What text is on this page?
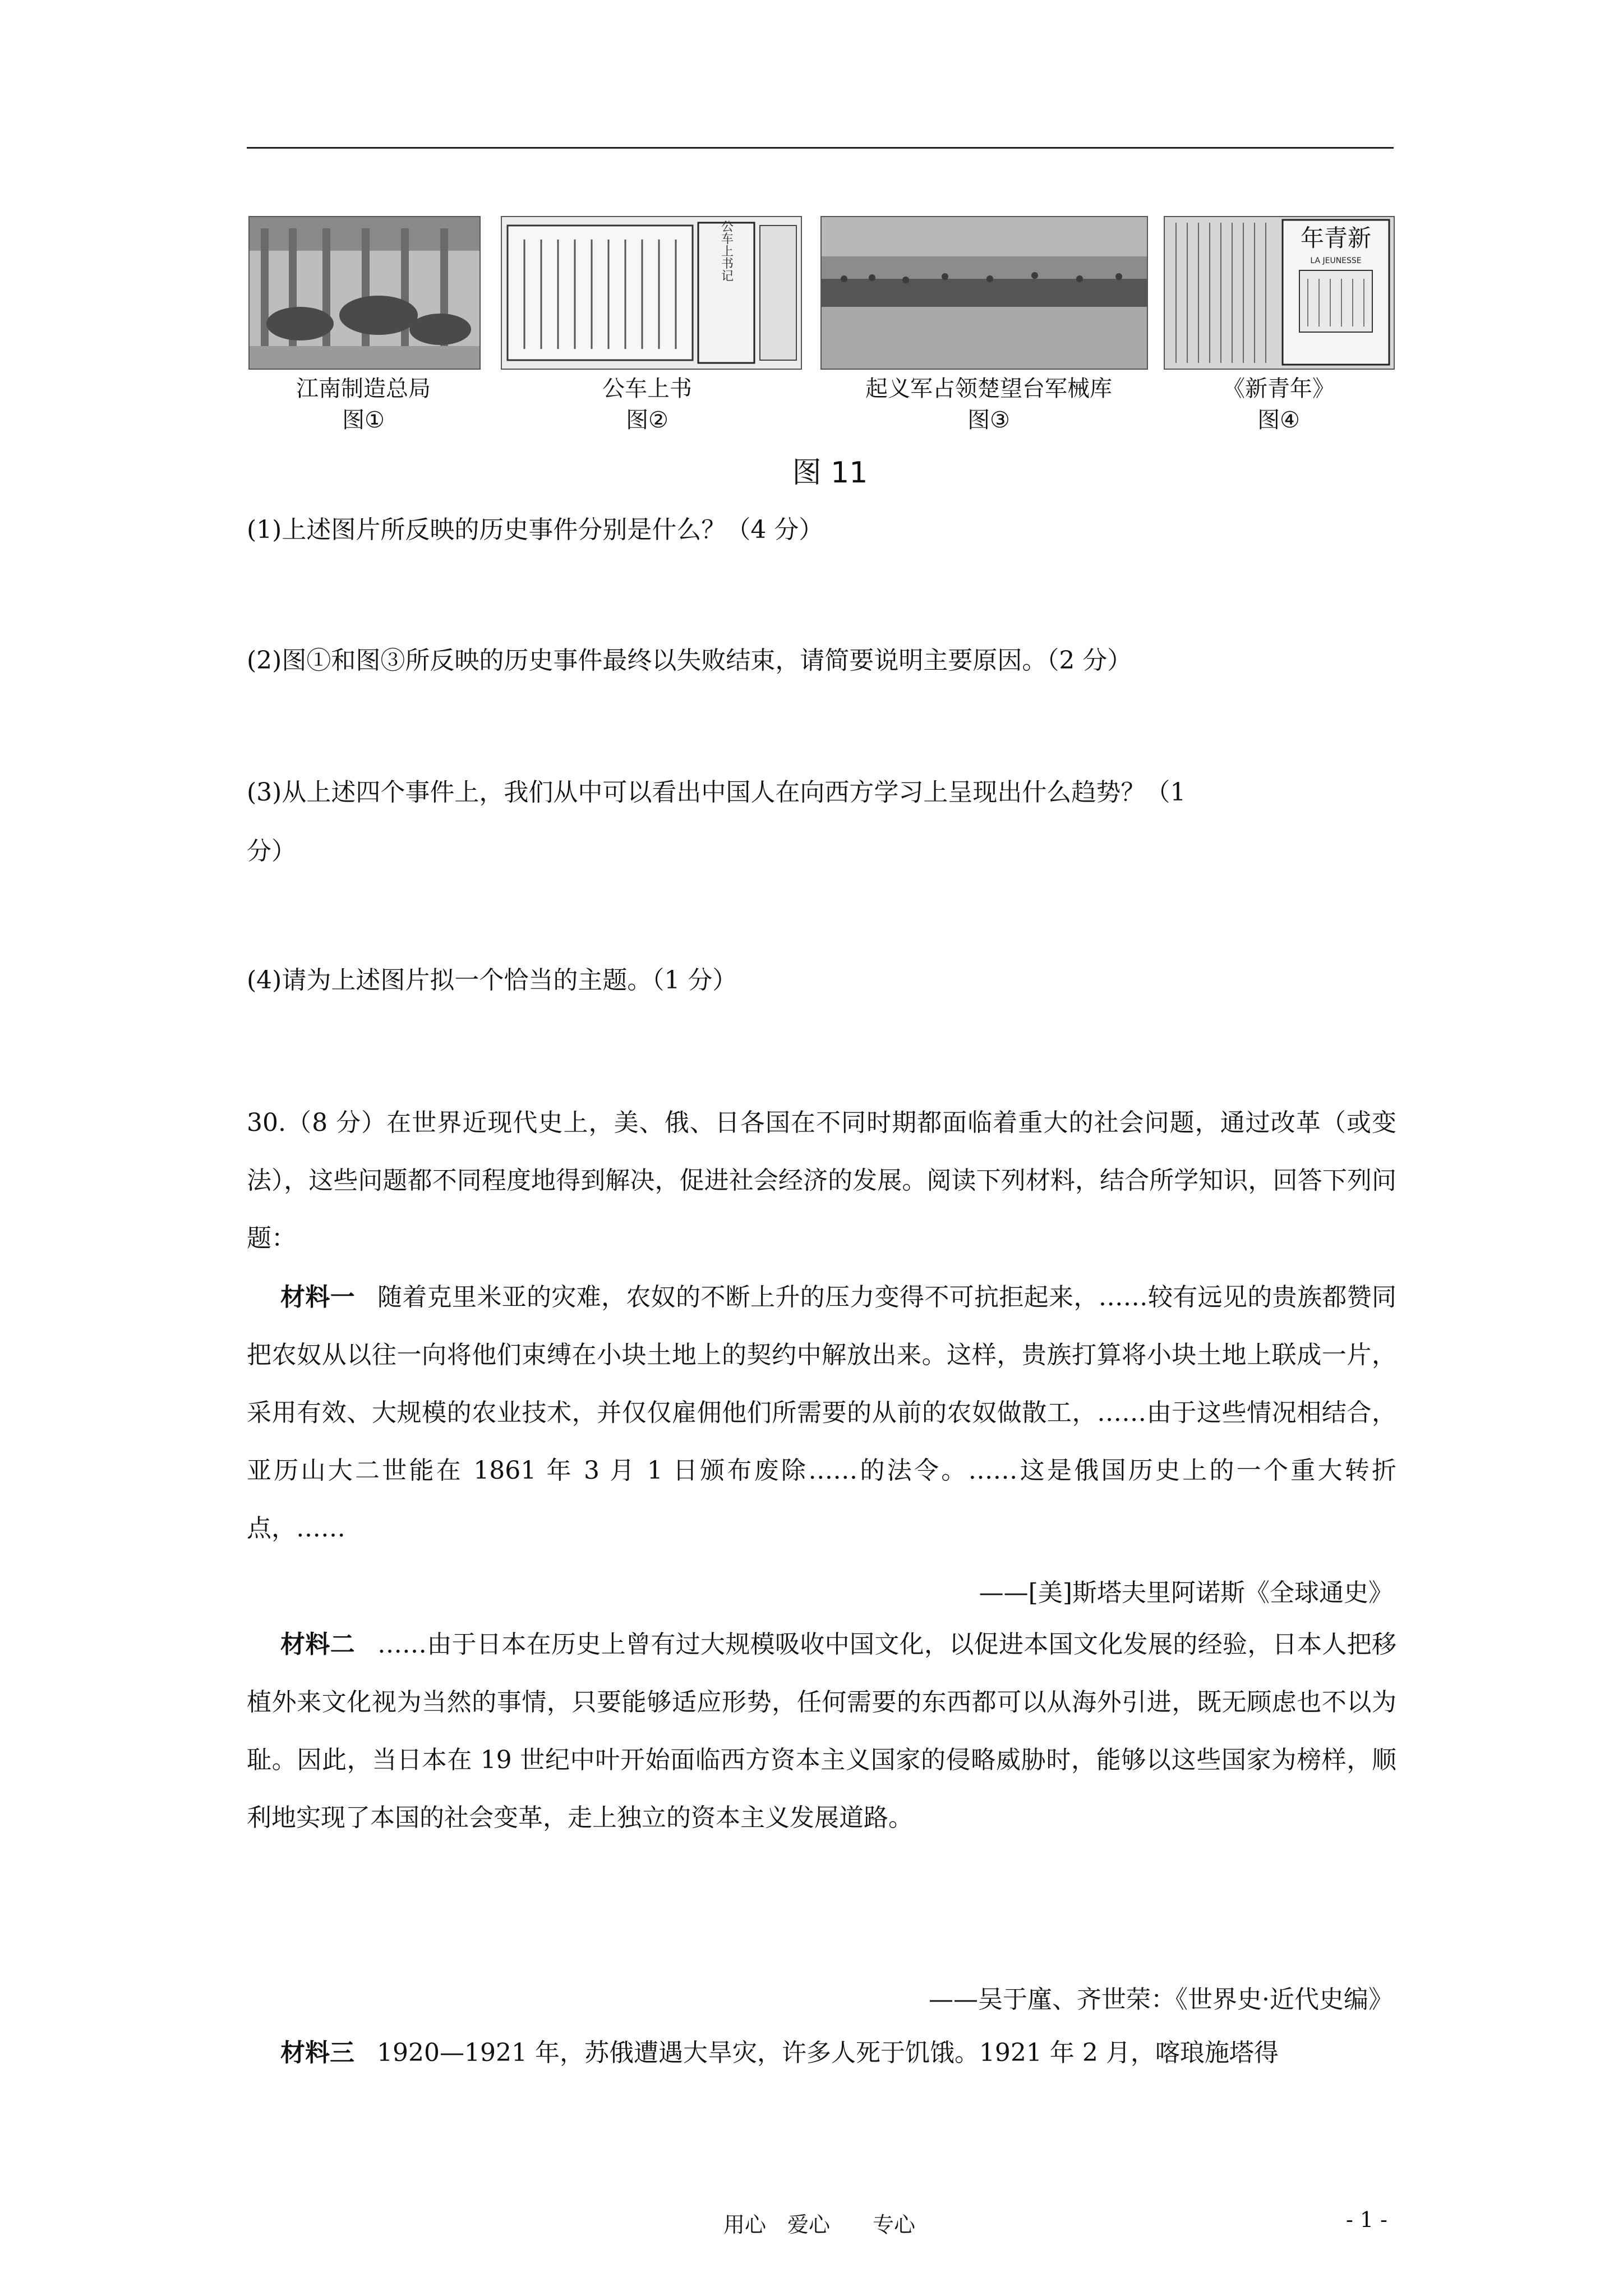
公车上书记	年青新
LA JEUNESSE
江南制造总局
图①
公车上书
图②
起义军占领楚望台军械库
图③
《新青年》
图④
图 11
(1)上述图片所反映的历史事件分别是什么？（4 分）
(2)图①和图③所反映的历史事件最终以失败结束，请简要说明主要原因。（2 分）
(3)从上述四个事件上，我们从中可以看出中国人在向西方学习上呈现出什么趋势？（1
分）
(4)请为上述图片拟一个恰当的主题。（1 分）
30.（8 分）在世界近现代史上，美、俄、日各国在不同时期都面临着重大的社会问题，通过改革（或变法），这些问题都不同程度地得到解决，促进社会经济的发展。阅读下列材料，结合所学知识，回答下列问题：
材料一 随着克里米亚的灾难，农奴的不断上升的压力变得不可抗拒起来，……较有远见的贵族都赞同把农奴从以往一向将他们束缚在小块土地上的契约中解放出来。这样，贵族打算将小块土地上联成一片，采用有效、大规模的农业技术，并仅仅雇佣他们所需要的从前的农奴做散工，……由于这些情况相结合，亚历山大二世能在 1861 年 3 月 1 日颁布废除……的法令。……这是俄国历史上的一个重大转折点，……
——[美]斯塔夫里阿诺斯《全球通史》
材料二 ……由于日本在历史上曾有过大规模吸收中国文化，以促进本国文化发展的经验，日本人把移植外来文化视为当然的事情，只要能够适应形势，任何需要的东西都可以从海外引进，既无顾虑也不以为耻。因此，当日本在 19 世纪中叶开始面临西方资本主义国家的侵略威胁时，能够以这些国家为榜样，顺利地实现了本国的社会变革，走上独立的资本主义发展道路。
——吴于廑、齐世荣：《世界史·近代史编》
材料三 1920—1921 年，苏俄遭遇大旱灾，许多人死于饥饿。1921 年 2 月，喀琅施塔得
用心　爱心　　专心	- 1 -
